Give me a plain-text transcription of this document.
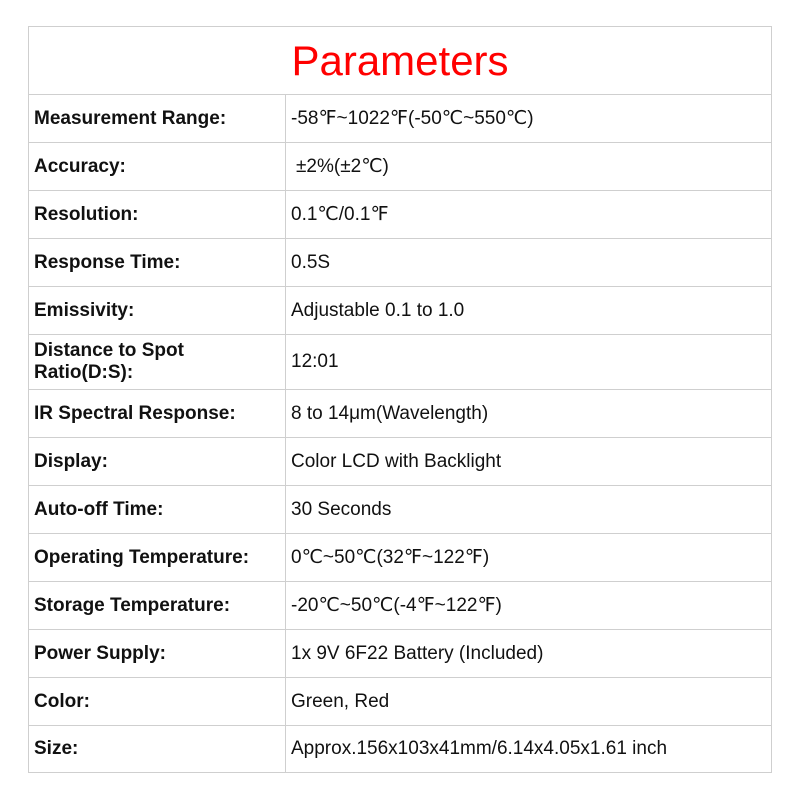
Parameters	
Measurement Range:	-58℉~1022℉(-50℃~550℃)
Accuracy:	±2%(±2℃)
Resolution:	0.1℃/0.1℉
Response Time:	0.5S
Emissivity:	Adjustable 0.1 to 1.0
Distance to Spot Ratio(D:S):	12:01
IR Spectral Response:	8 to 14μm(Wavelength)
Display:	Color LCD with Backlight
Auto-off Time:	30 Seconds
Operating Temperature:	0℃~50℃(32℉~122℉)
Storage Temperature:	-20℃~50℃(-4℉~122℉)
Power Supply:	1x 9V 6F22 Battery (Included)
Color:	Green, Red
Size:	Approx.156x103x41mm/6.14x4.05x1.61 inch
